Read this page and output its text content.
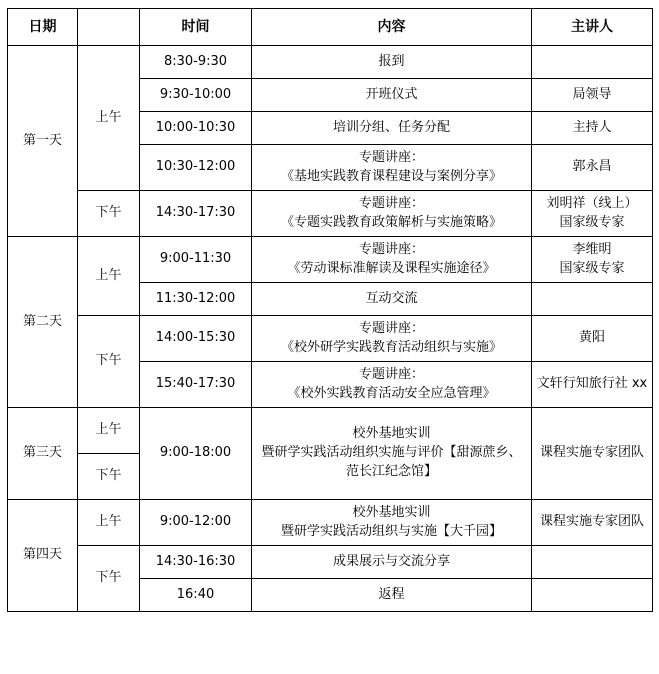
日期		时间	内容	主讲人
第一天	上午	8:30-9:30	报到	

		9:30-10:00	开班仪式	局领导

		10:00-10:30	培训分组、任务分配	主持人

		10:30-12:00	专题讲座：
《基地实践教育课程建设与案例分享》	郭永昌

	下午	14:30-17:30	专题讲座：
《专题实践教育政策解析与实施策略》	刘明祥（线上）
国家级专家

第二天	上午	9:00-11:30	专题讲座：
《劳动课标准解读及课程实施途径》	李维明
国家级专家

		11:30-12:00	互动交流	

	下午	14:00-15:30	专题讲座：
《校外研学实践教育活动组织与实施》	黄阳

		15:40-17:30	专题讲座：
《校外实践教育活动安全应急管理》	文轩行知旅行社 xx

第三天	上午	9:00-18:00	校外基地实训
暨研学实践活动组织实施与评价【甜源蔗乡、
范长江纪念馆】	课程实施专家团队

	下午			
第四天	上午	9:00-12:00	校外基地实训
暨研学实践活动组织与实施【大千园】	课程实施专家团队

	下午	14:30-16:30	成果展示与交流分享	

		16:40	返程	
